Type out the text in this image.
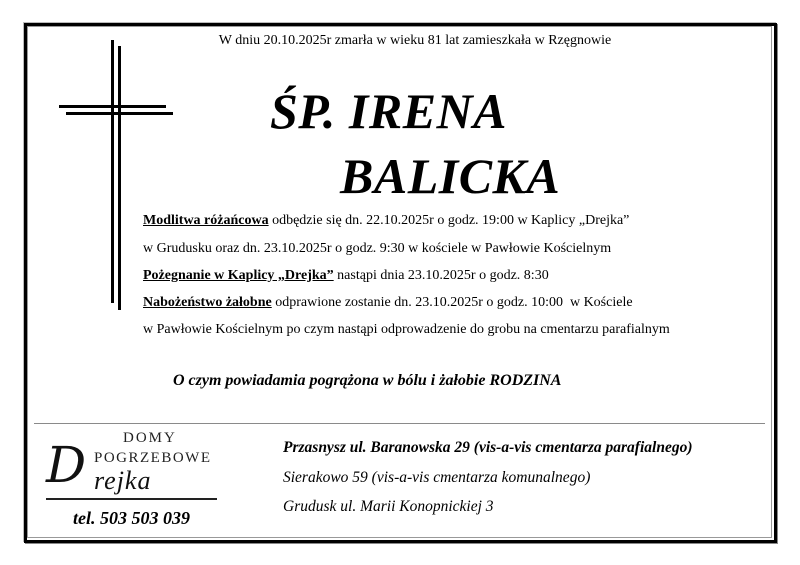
W dniu 20.10.2025r zmarła w wieku 81 lat zamieszkała w Rzęgnowie
ŚP. IRENA
BALICKA
Modlitwa różańcowa odbędzie się dn. 22.10.2025r o godz. 19:00 w Kaplicy „Drejka”
w Grudusku oraz dn. 23.10.2025r o godz. 9:30 w kościele w Pawłowie Kościelnym
Pożegnanie w Kaplicy „Drejka” nastąpi dnia 23.10.2025r o godz. 8:30
Nabożeństwo żałobne odprawione zostanie dn. 23.10.2025r o godz. 10:00  w Kościele
w Pawłowie Kościelnym po czym nastąpi odprowadzenie do grobu na cmentarzu parafialnym
O czym powiadamia pogrążona w bólu i żałobie RODZINA
DOMY
D POGRZEBOWE
rejka
tel. 503 503 039
Przasnysz ul. Baranowska 29 (vis-a-vis cmentarza parafialnego)
Sierakowo 59 (vis-a-vis cmentarza komunalnego)
Grudusk ul. Marii Konopnickiej 3
